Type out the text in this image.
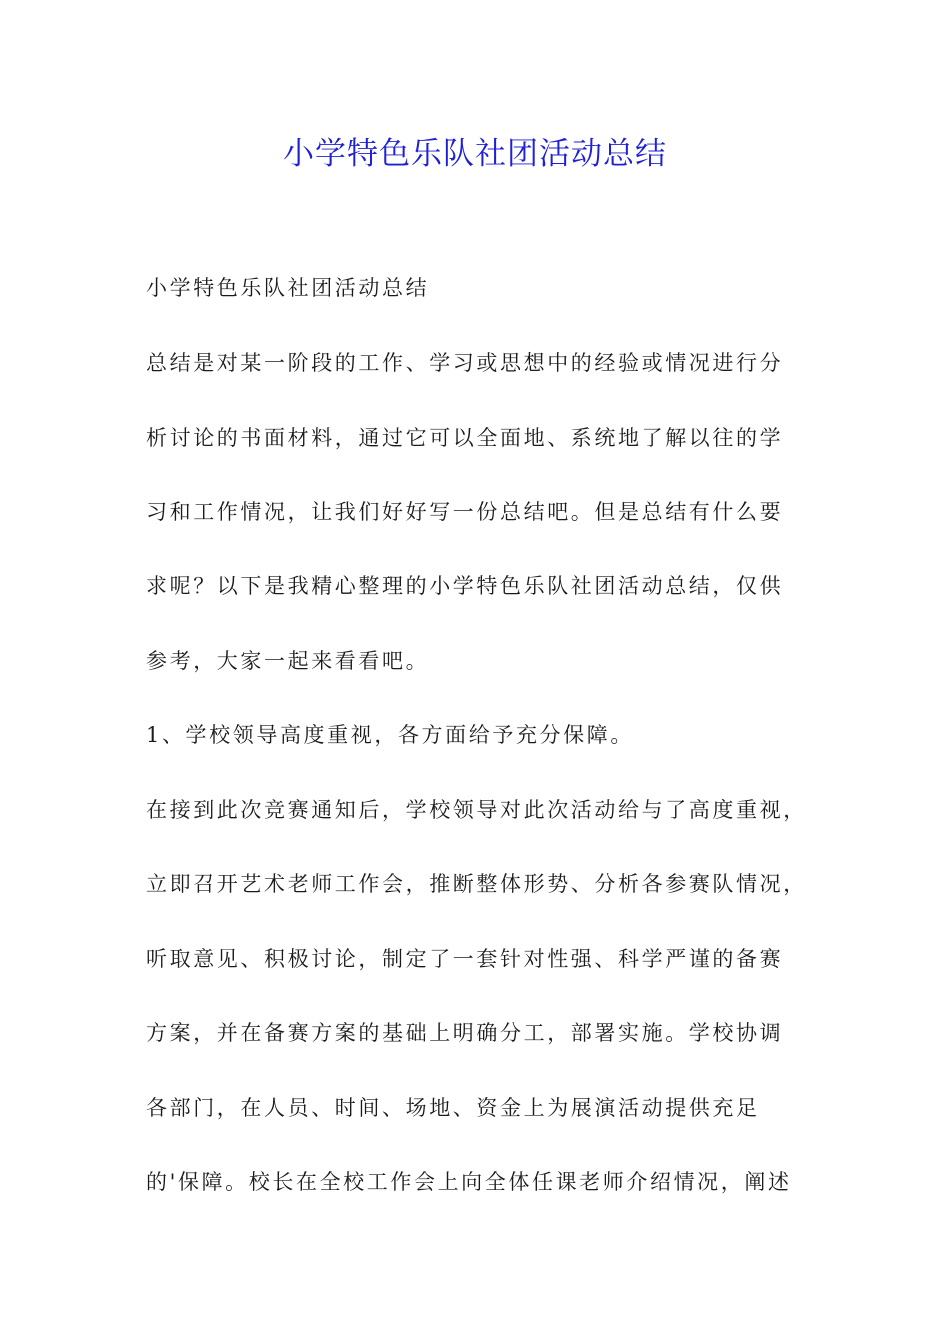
小学特色乐队社团活动总结

小学特色乐队社团活动总结

总结是对某一阶段的工作、学习或思想中的经验或情况进行分

析讨论的书面材料，通过它可以全面地、系统地了解以往的学

习和工作情况，让我们好好写一份总结吧。但是总结有什么要

求呢？以下是我精心整理的小学特色乐队社团活动总结，仅供

参考，大家一起来看看吧。

1、学校领导高度重视，各方面给予充分保障。

在接到此次竞赛通知后，学校领导对此次活动给与了高度重视，

立即召开艺术老师工作会，推断整体形势、分析各参赛队情况，

听取意见、积极讨论，制定了一套针对性强、科学严谨的备赛

方案，并在备赛方案的基础上明确分工，部署实施。学校协调

各部门，在人员、时间、场地、资金上为展演活动提供充足

的'保障。校长在全校工作会上向全体任课老师介绍情况，阐述
